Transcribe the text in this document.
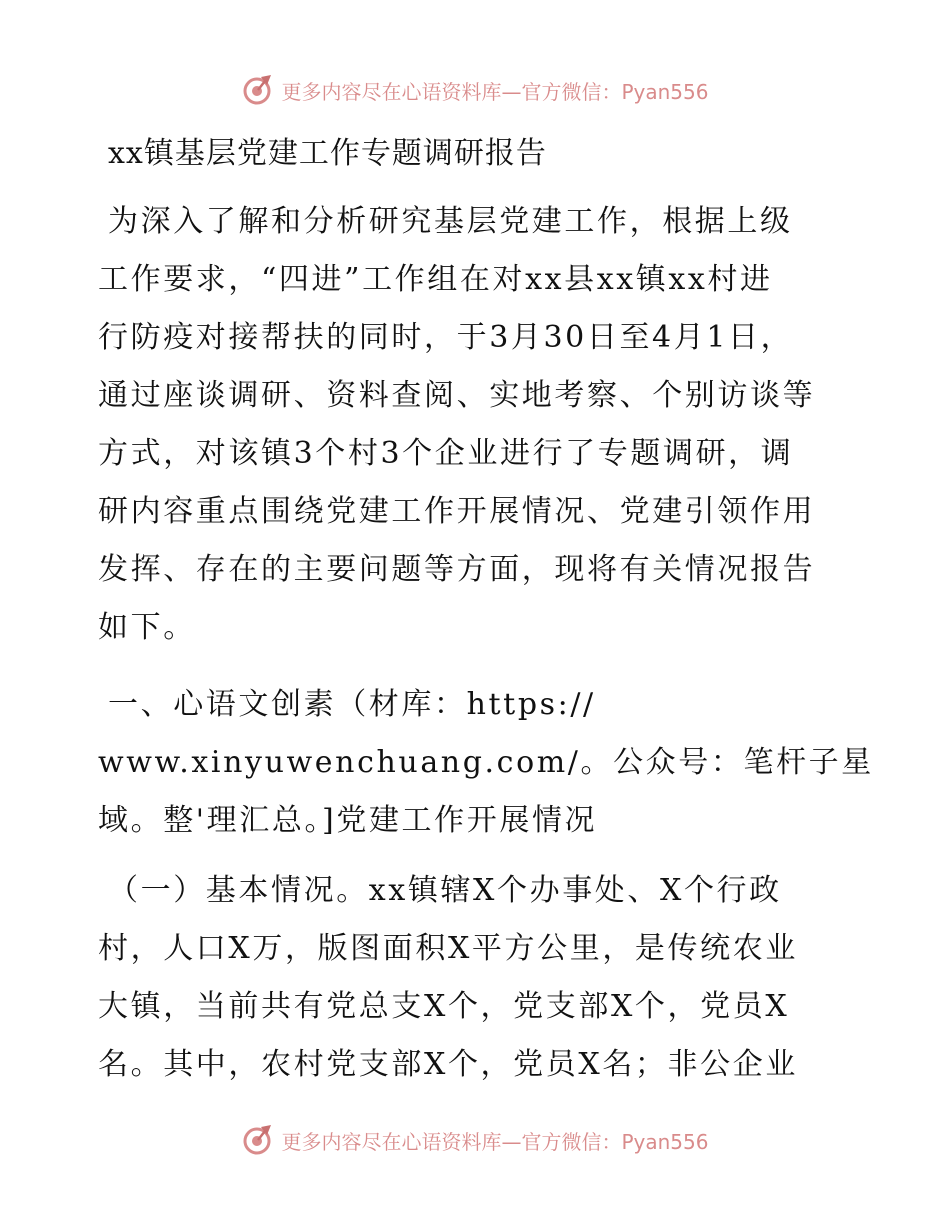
更多内容尽在心语资料库—官方微信：Pyan556
xx镇基层党建工作专题调研报告
为深入了解和分析研究基层党建工作，根据上级
工作要求，“四进”工作组在对xx县xx镇xx村进
行防疫对接帮扶的同时，于3月30日至4月1日，
通过座谈调研、资料查阅、实地考察、个别访谈等
方式，对该镇3个村3个企业进行了专题调研，调
研内容重点围绕党建工作开展情况、党建引领作用
发挥、存在的主要问题等方面，现将有关情况报告
如下。
一、心语文创素（材库：https://
www.xinyuwenchuang.com/。公众号：笔杆子星
域。整'理汇总。]党建工作开展情况
（一）基本情况。xx镇辖X个办事处、X个行政
村，人口X万，版图面积X平方公里，是传统农业
大镇，当前共有党总支X个，党支部X个，党员X
名。其中，农村党支部X个，党员X名；非公企业
更多内容尽在心语资料库—官方微信：Pyan556
